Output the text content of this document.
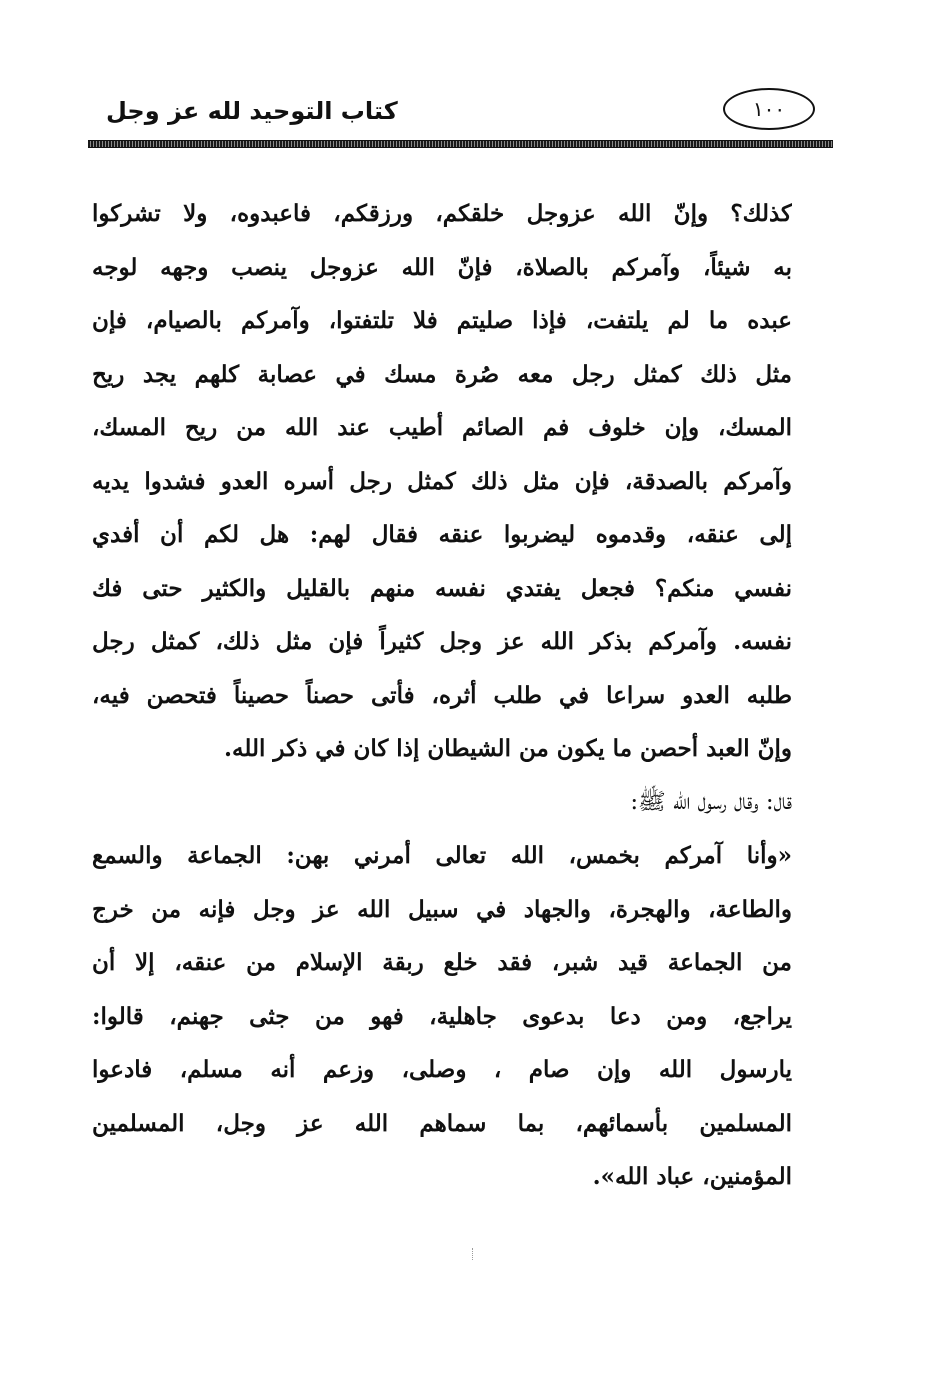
كتاب التوحيد لله عز وجل	١٠٠
كذلك؟ وإنّ الله عزوجل خلقكم، ورزقكم، فاعبدوه، ولا تشركوا
به شيئاً، وآمركم بالصلاة، فإنّ الله عزوجل ينصب وجهه لوجه
عبده ما لم يلتفت، فإذا صليتم فلا تلتفتوا، وآمركم بالصيام، فإن
مثل ذلك كمثل رجل معه صُرة مسك في عصابة كلهم يجد ريح
المسك، وإن خلوف فم الصائم أطيب عند الله من ريح المسك،
وآمركم بالصدقة، فإن مثل ذلك كمثل رجل أسره العدو فشدوا يديه
إلى عنقه، وقدموه ليضربوا عنقه فقال لهم: هل لكم أن أفدي
نفسي منكم؟ فجعل يفتدي نفسه منهم بالقليل والكثير حتى فك
نفسه. وآمركم بذكر الله عز وجل كثيراً فإن مثل ذلك، كمثل رجل
طلبه العدو سراعا في طلب أثره، فأتى حصناً حصيناً فتحصن فيه،
وإنّ العبد أحصن ما يكون من الشيطان إذا كان في ذكر الله.
قال: وقال رسول الله ﷺ:
«وأنا آمركم بخمس، الله تعالى أمرني بهن: الجماعة والسمع
والطاعة، والهجرة، والجهاد في سبيل الله عز وجل فإنه من خرج
من الجماعة قيد شبر، فقد خلع ربقة الإسلام من عنقه، إلا أن
يراجع، ومن دعا بدعوى جاهلية، فهو من جثى جهنم، قالوا:
يارسول الله وإن صام ، وصلى، وزعم أنه مسلم، فادعوا
المسلمين بأسمائهم، بما سماهم الله عز وجل، المسلمين
المؤمنين، عباد الله».
